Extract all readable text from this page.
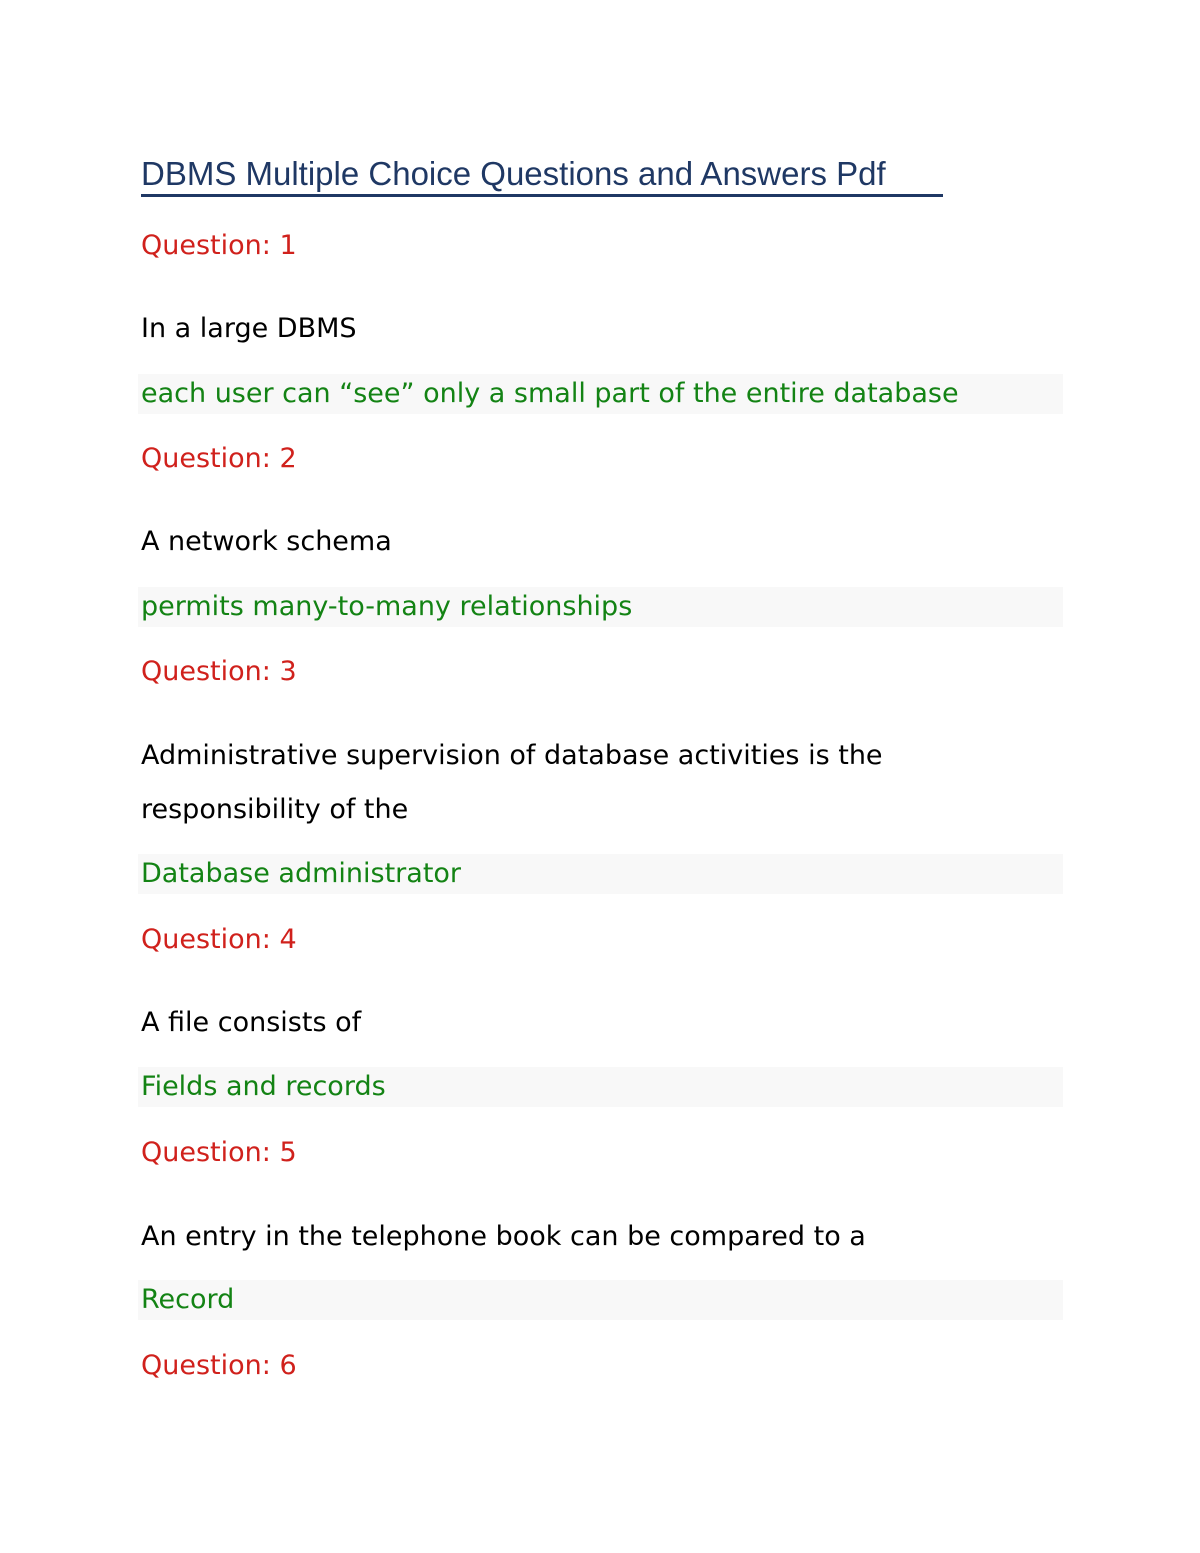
DBMS Multiple Choice Questions and Answers Pdf
Question: 1
In a large DBMS
each user can “see” only a small part of the entire database
Question: 2
A network schema
permits many-to-many relationships
Question: 3
Administrative supervision of database activities is the responsibility of the
Database administrator
Question: 4
A file consists of
Fields and records
Question: 5
An entry in the telephone book can be compared to a
Record
Question: 6
